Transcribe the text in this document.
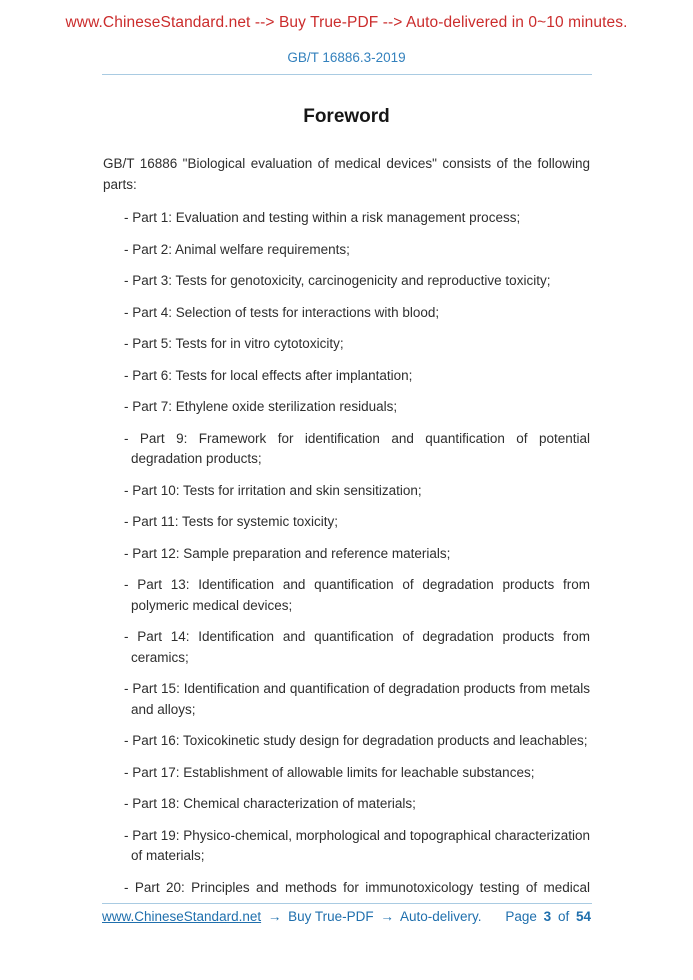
www.ChineseStandard.net --> Buy True-PDF --> Auto-delivered in 0~10 minutes.
GB/T 16886.3-2019
Foreword

GB/T 16886 "Biological evaluation of medical devices" consists of the following parts:

- Part 1: Evaluation and testing within a risk management process;

- Part 2: Animal welfare requirements;

- Part 3: Tests for genotoxicity, carcinogenicity and reproductive toxicity;

- Part 4: Selection of tests for interactions with blood;

- Part 5: Tests for in vitro cytotoxicity;

- Part 6: Tests for local effects after implantation;

- Part 7: Ethylene oxide sterilization residuals;

- Part 9: Framework for identification and quantification of potential degradation products;

- Part 10: Tests for irritation and skin sensitization;

- Part 11: Tests for systemic toxicity;

- Part 12: Sample preparation and reference materials;

- Part 13: Identification and quantification of degradation products from polymeric medical devices;

- Part 14: Identification and quantification of degradation products from ceramics;

- Part 15: Identification and quantification of degradation products from metals and alloys;

- Part 16: Toxicokinetic study design for degradation products and leachables;

- Part 17: Establishment of allowable limits for leachable substances;

- Part 18: Chemical characterization of materials;

- Part 19: Physico-chemical, morphological and topographical characterization of materials;

- Part 20: Principles and methods for immunotoxicology testing of medical

www.ChineseStandard.net → Buy True-PDF → Auto-delivery. Page 3 of 54
